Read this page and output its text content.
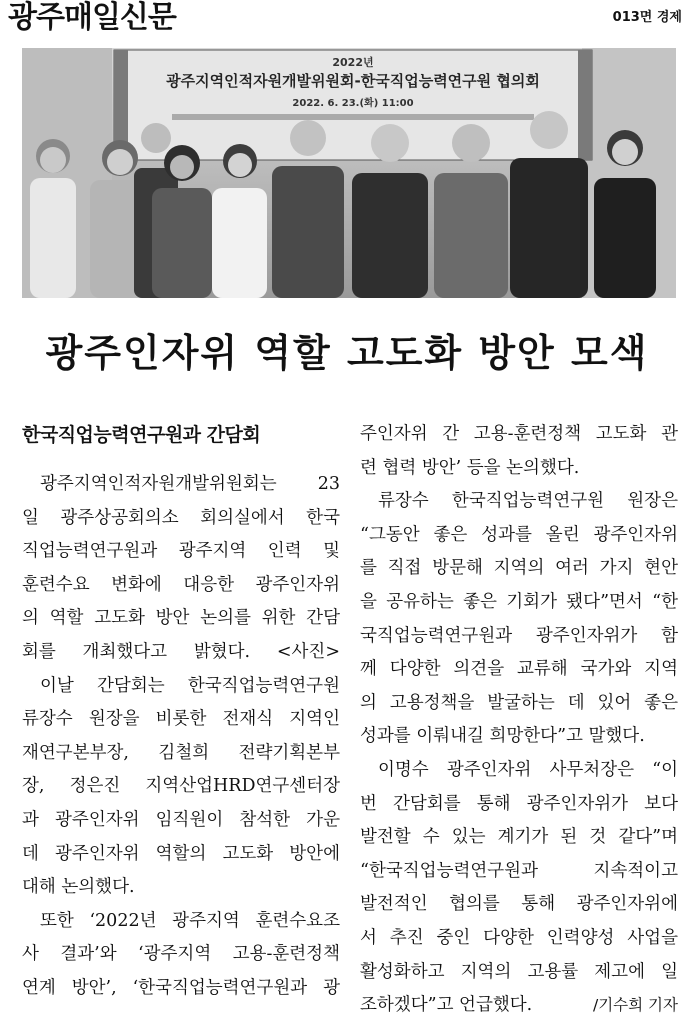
광주매일신문	013면 경제
2022년
광주지역인적자원개발위원회-한국직업능력연구원 협의회
2022. 6. 23.(화) 11:00
광주인자위 역할 고도화 방안 모색
한국직업능력연구원과 간담회
광주지역인적자원개발위원회는 23
일 광주상공회의소 회의실에서 한국
직업능력연구원과 광주지역 인력 및
훈련수요 변화에 대응한 광주인자위
의 역할 고도화 방안 논의를 위한 간담
회를 개최했다고 밝혔다. <사진>
이날 간담회는 한국직업능력연구원
류장수 원장을 비롯한 전재식 지역인
재연구본부장, 김철희 전략기획본부
장, 정은진 지역산업HRD연구센터장
과 광주인자위 임직원이 참석한 가운
데 광주인자위 역할의 고도화 방안에
대해 논의했다.
또한 ‘2022년 광주지역 훈련수요조
사 결과’와 ‘광주지역 고용-훈련정책
연계 방안’, ‘한국직업능력연구원과 광
주인자위 간 고용-훈련정책 고도화 관
련 협력 방안’ 등을 논의했다.
류장수 한국직업능력연구원 원장은
“그동안 좋은 성과를 올린 광주인자위
를 직접 방문해 지역의 여러 가지 현안
을 공유하는 좋은 기회가 됐다”면서 “한
국직업능력연구원과 광주인자위가 함
께 다양한 의견을 교류해 국가와 지역
의 고용정책을 발굴하는 데 있어 좋은
성과를 이뤄내길 희망한다”고 말했다.
이명수 광주인자위 사무처장은 “이
번 간담회를 통해 광주인자위가 보다
발전할 수 있는 계기가 된 것 같다”며
“한국직업능력연구원과 지속적이고
발전적인 협의를 통해 광주인자위에
서 추진 중인 다양한 인력양성 사업을
활성화하고 지역의 고용률 제고에 일
조하겠다”고 언급했다.	/기수희 기자
